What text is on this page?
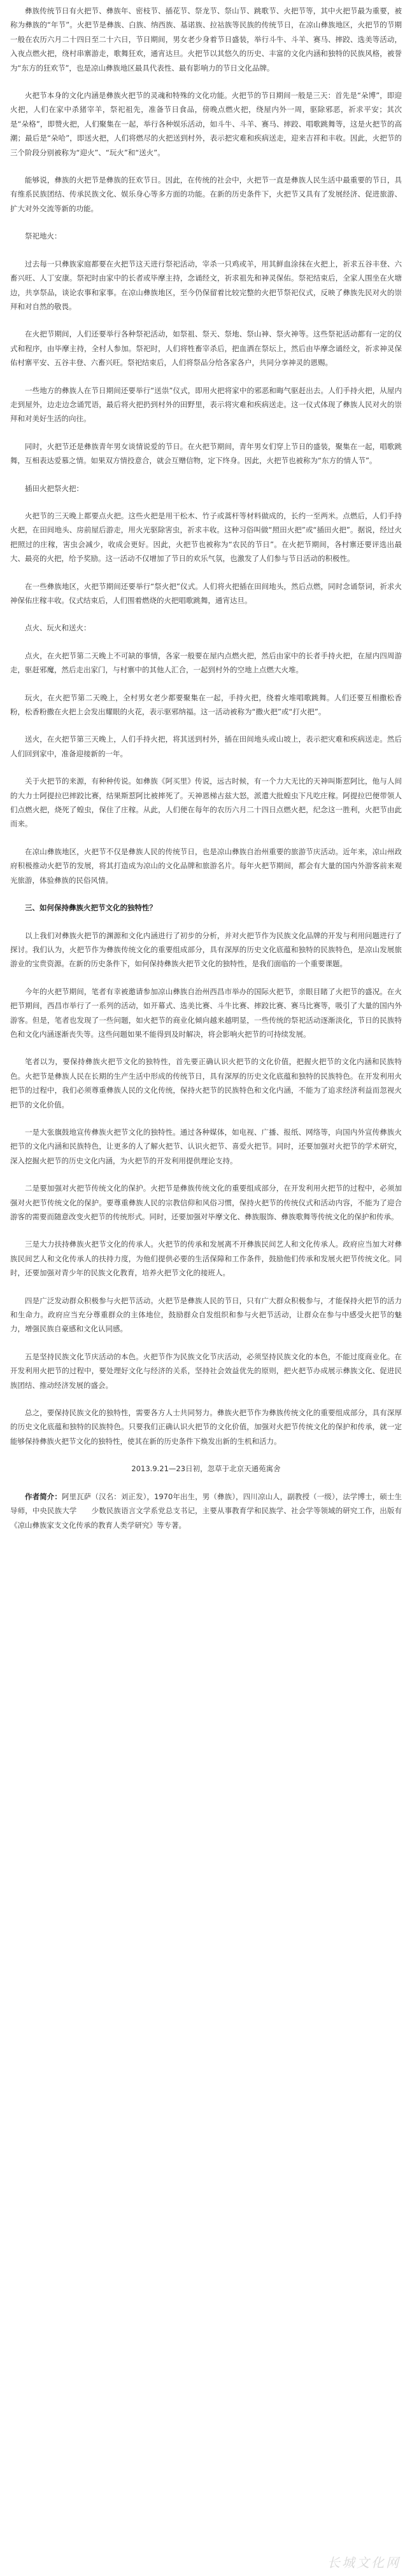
彝族传统节日有火把节、彝族年、密枝节、插花节、祭龙节、祭山节、跳歌节、火把节等，其中火把节最为重要，被称为彝族的“年节”。火把节是彝族、白族、纳西族、基诺族、拉祜族等民族的传统节日，在凉山彝族地区，火把节的节期一般在农历六月二十四日至二十六日，节日期间，男女老少身着节日盛装，举行斗牛、斗羊、赛马、摔跤、选美等活动，入夜点燃火把，绕村串寨游走，歌舞狂欢，通宵达旦。火把节以其悠久的历史、丰富的文化内涵和独特的民族风格，被誉为“东方的狂欢节”，也是凉山彝族地区最具代表性、最有影响力的节日文化品牌。

火把节本身的文化内涵是彝族火把节的灵魂和特殊的文化功能。火把节的节日期间一般是三天：首先是“朵博”，即迎火把，人们在家中杀猪宰羊，祭祀祖先，准备节日食品，傍晚点燃火把，绕屋内外一周，驱除邪恶，祈求平安；其次是“朵格”，即赞火把，人们聚集在一起，举行各种娱乐活动，如斗牛、斗羊、赛马、摔跤、唱歌跳舞等，这是火把节的高潮；最后是“朵哈”，即送火把，人们将燃尽的火把送到村外，表示把灾难和疾病送走，迎来吉祥和丰收。因此，火把节的三个阶段分别被称为“迎火”、“玩火”和“送火”。

能够说，彝族的火把节是彝族的狂欢节日。因此，在传统的社会中，火把节一直是彝族人民生活中最重要的节日，具有维系民族团结、传承民族文化、娱乐身心等多方面的功能。在新的历史条件下，火把节又具有了发展经济、促进旅游、扩大对外交流等新的功能。

祭祀地火：

过去每一只彝族家庭都要在火把节这天进行祭祀活动，宰杀一只鸡或羊，用其鲜血涂抹在火把上，祈求五谷丰登、六畜兴旺、人丁安康。祭祀时由家中的长者或毕摩主持，念诵经文，祈求祖先和神灵保佑。祭祀结束后，全家人围坐在火塘边，共享祭品，谈论农事和家事。在凉山彝族地区，至今仍保留着比较完整的火把节祭祀仪式，反映了彝族先民对火的崇拜和对自然的敬畏。

在火把节期间，人们还要举行各种祭祀活动，如祭祖、祭天、祭地、祭山神、祭火神等。这些祭祀活动都有一定的仪式和程序，由毕摩主持，全村人参加。祭祀时，人们将牲畜宰杀后，把血洒在祭坛上，然后由毕摩念诵经文，祈求神灵保佑村寨平安、五谷丰登、六畜兴旺。祭祀结束后，人们将祭品分给各家各户，共同分享神灵的恩赐。

一些地方的彝族人在节日期间还要举行“送祟”仪式，即用火把将家中的邪恶和晦气驱赶出去。人们手持火把，从屋内走到屋外，边走边念诵咒语，最后将火把扔到村外的田野里，表示将灾难和疾病送走。这一仪式体现了彝族人民对火的崇拜和对美好生活的向往。

同时，火把节还是彝族青年男女谈情说爱的节日。在火把节期间，青年男女们穿上节日的盛装，聚集在一起，唱歌跳舞，互相表达爱慕之情。如果双方情投意合，就会互赠信物，定下终身。因此，火把节也被称为“东方的情人节”。

插田火把祭火把：

火把节的三天晚上都要点火把。这些火把是用干松木、竹子或蒿杆等材料做成的，长约一至两米。点燃后，人们手持火把，在田间地头、房前屋后游走，用火光驱除害虫，祈求丰收。这种习俗叫做“照田火把”或“插田火把”。据说，经过火把照过的庄稼，害虫会减少，收成会更好。因此，火把节也被称为“农民的节日”。在火把节期间，各村寨还要评选出最大、最亮的火把，给予奖励。这一活动不仅增加了节日的欢乐气氛，也激发了人们参与节日活动的积极性。

在一些彝族地区，火把节期间还要举行“祭火把”仪式。人们将火把插在田间地头，然后点燃，同时念诵祭词，祈求火神保佑庄稼丰收。仪式结束后，人们围着燃烧的火把唱歌跳舞，通宵达旦。

点火、玩火和送火：

点火，在火把节第二天晚上不可缺的事情，各家一般要在屋内点燃火把，然后由家中的长者手持火把，在屋内四周游走，驱赶邪魔，然后走出家门，与村寨中的其他人汇合，一起到村外的空地上点燃大火堆。

玩火，在火把节第二天晚上，全村男女老少都要聚集在一起，手持火把，绕着火堆唱歌跳舞。人们还要互相撒松香粉，松香粉撒在火把上会发出耀眼的火花，表示驱邪纳福。这一活动被称为“撒火把”或“打火把”。

送火，在火把节第三天晚上，人们手持火把，将其送到村外，插在田间地头或山坡上，表示把灾难和疾病送走。然后人们回到家中，准备迎接新的一年。

关于火把节的来源，有种种传说。如彝族《阿买里》传说，远古时候，有一个力大无比的天神叫斯惹阿比，他与人间的大力士阿提拉巴摔跤比赛，结果斯惹阿比被摔死了。天神恩梯古兹大怒，派遣大批蝗虫下凡吃庄稼。阿提拉巴便带领人们点燃火把，烧死了蝗虫，保住了庄稼。从此，人们便在每年的农历六月二十四日点燃火把，纪念这一胜利，火把节由此而来。

在凉山彝族地区，火把节不仅是彝族人民的传统节日，也是凉山彝族自治州重要的旅游节庆活动。近年来，凉山州政府积极推动火把节的发展，将其打造成为凉山的文化品牌和旅游名片。每年火把节期间，都会有大量的国内外游客前来观光旅游，体验彝族的民俗风情。

三、如何保持彝族火把节文化的独特性？

以上我们对彝族火把节的渊源和文化内涵进行了初步的分析，并对火把节作为民族文化品牌的开发与利用问题进行了探讨。我们认为，火把节作为彝族传统文化的重要组成部分，具有深厚的历史文化底蕴和独特的民族特色，是凉山发展旅游业的宝贵资源。在新的历史条件下，如何保持彝族火把节文化的独特性，是我们面临的一个重要课题。

今年的火把节期间，笔者有幸被邀请参加凉山彝族自治州西昌市举办的国际火把节，亲眼目睹了火把节的盛况。在火把节期间，西昌市举行了一系列的活动，如开幕式、选美比赛、斗牛比赛、摔跤比赛、赛马比赛等，吸引了大量的国内外游客。但是，笔者也发现了一些问题，如火把节的商业化倾向越来越明显，一些传统的祭祀活动逐渐淡化，节日的民族特色和文化内涵逐渐丧失等。这些问题如果不能得到及时解决，将会影响火把节的可持续发展。

笔者以为，要保持彝族火把节文化的独特性，首先要正确认识火把节的文化价值，把握火把节的文化内涵和民族特色。火把节是彝族人民在长期的生产生活中形成的传统节日，具有深厚的历史文化底蕴和独特的民族特色。在开发利用火把节的过程中，我们必须尊重彝族人民的文化传统，保持火把节的民族特色和文化内涵，不能为了追求经济利益而忽视火把节的文化价值。

一是大张旗鼓地宣传彝族火把节文化的独特性。通过各种媒体，如电视、广播、报纸、网络等，向国内外宣传彝族火把节的文化内涵和民族特色，让更多的人了解火把节、认识火把节、喜爱火把节。同时，还要加强对火把节的学术研究，深入挖掘火把节的历史文化内涵，为火把节的开发利用提供理论支持。

二是要加强对火把节传统文化的保护。火把节是彝族传统文化的重要组成部分，在开发利用火把节的过程中，必须加强对火把节传统文化的保护。要尊重彝族人民的宗教信仰和风俗习惯，保持火把节的传统仪式和活动内容，不能为了迎合游客的需要而随意改变火把节的传统形式。同时，还要加强对毕摩文化、彝族服饰、彝族歌舞等传统文化的保护和传承。

三是大力扶持彝族火把节文化的传承人。火把节的传承和发展离不开彝族民间艺人和文化传承人。政府应当加大对彝族民间艺人和文化传承人的扶持力度，为他们提供必要的生活保障和工作条件，鼓励他们传承和发展火把节传统文化。同时，还要加强对青少年的民族文化教育，培养火把节文化的接班人。

四是广泛发动群众积极参与火把节活动。火把节是彝族人民的节日，只有广大群众积极参与，才能保持火把节的活力和生命力。政府应当充分尊重群众的主体地位，鼓励群众自发组织和参与火把节活动，让群众在参与中感受火把节的魅力，增强民族自豪感和文化认同感。

五是坚持民族文化节庆活动的本色。火把节作为民族文化节庆活动，必须坚持民族文化的本色，不能过度商业化。在开发利用火把节的过程中，要处理好文化与经济的关系，坚持社会效益优先的原则，把火把节办成展示彝族文化、促进民族团结、推动经济发展的盛会。

总之，要保持民族文化的独特性，需要各方人士共同努力。彝族火把节作为彝族传统文化的重要组成部分，具有深厚的历史文化底蕴和独特的民族特色。只要我们正确认识火把节的文化价值，加强对火把节传统文化的保护和传承，就一定能够保持彝族火把节文化的独特性，使其在新的历史条件下焕发出新的生机和活力。

2013.9.21—23日初，忽草于北京天通苑寓舍

作者简介：阿里瓦萨（汉名：刘正发），1970年出生，男（彝族），四川凉山人，副教授（一级），法学博士，硕士生导师，中央民族大学　　少数民族语言文学系党总支书记，主要从事教育学和民族学、社会学等领域的研究工作，出版有《凉山彝族家支文化传承的教育人类学研究》等专著。

长城文化网
